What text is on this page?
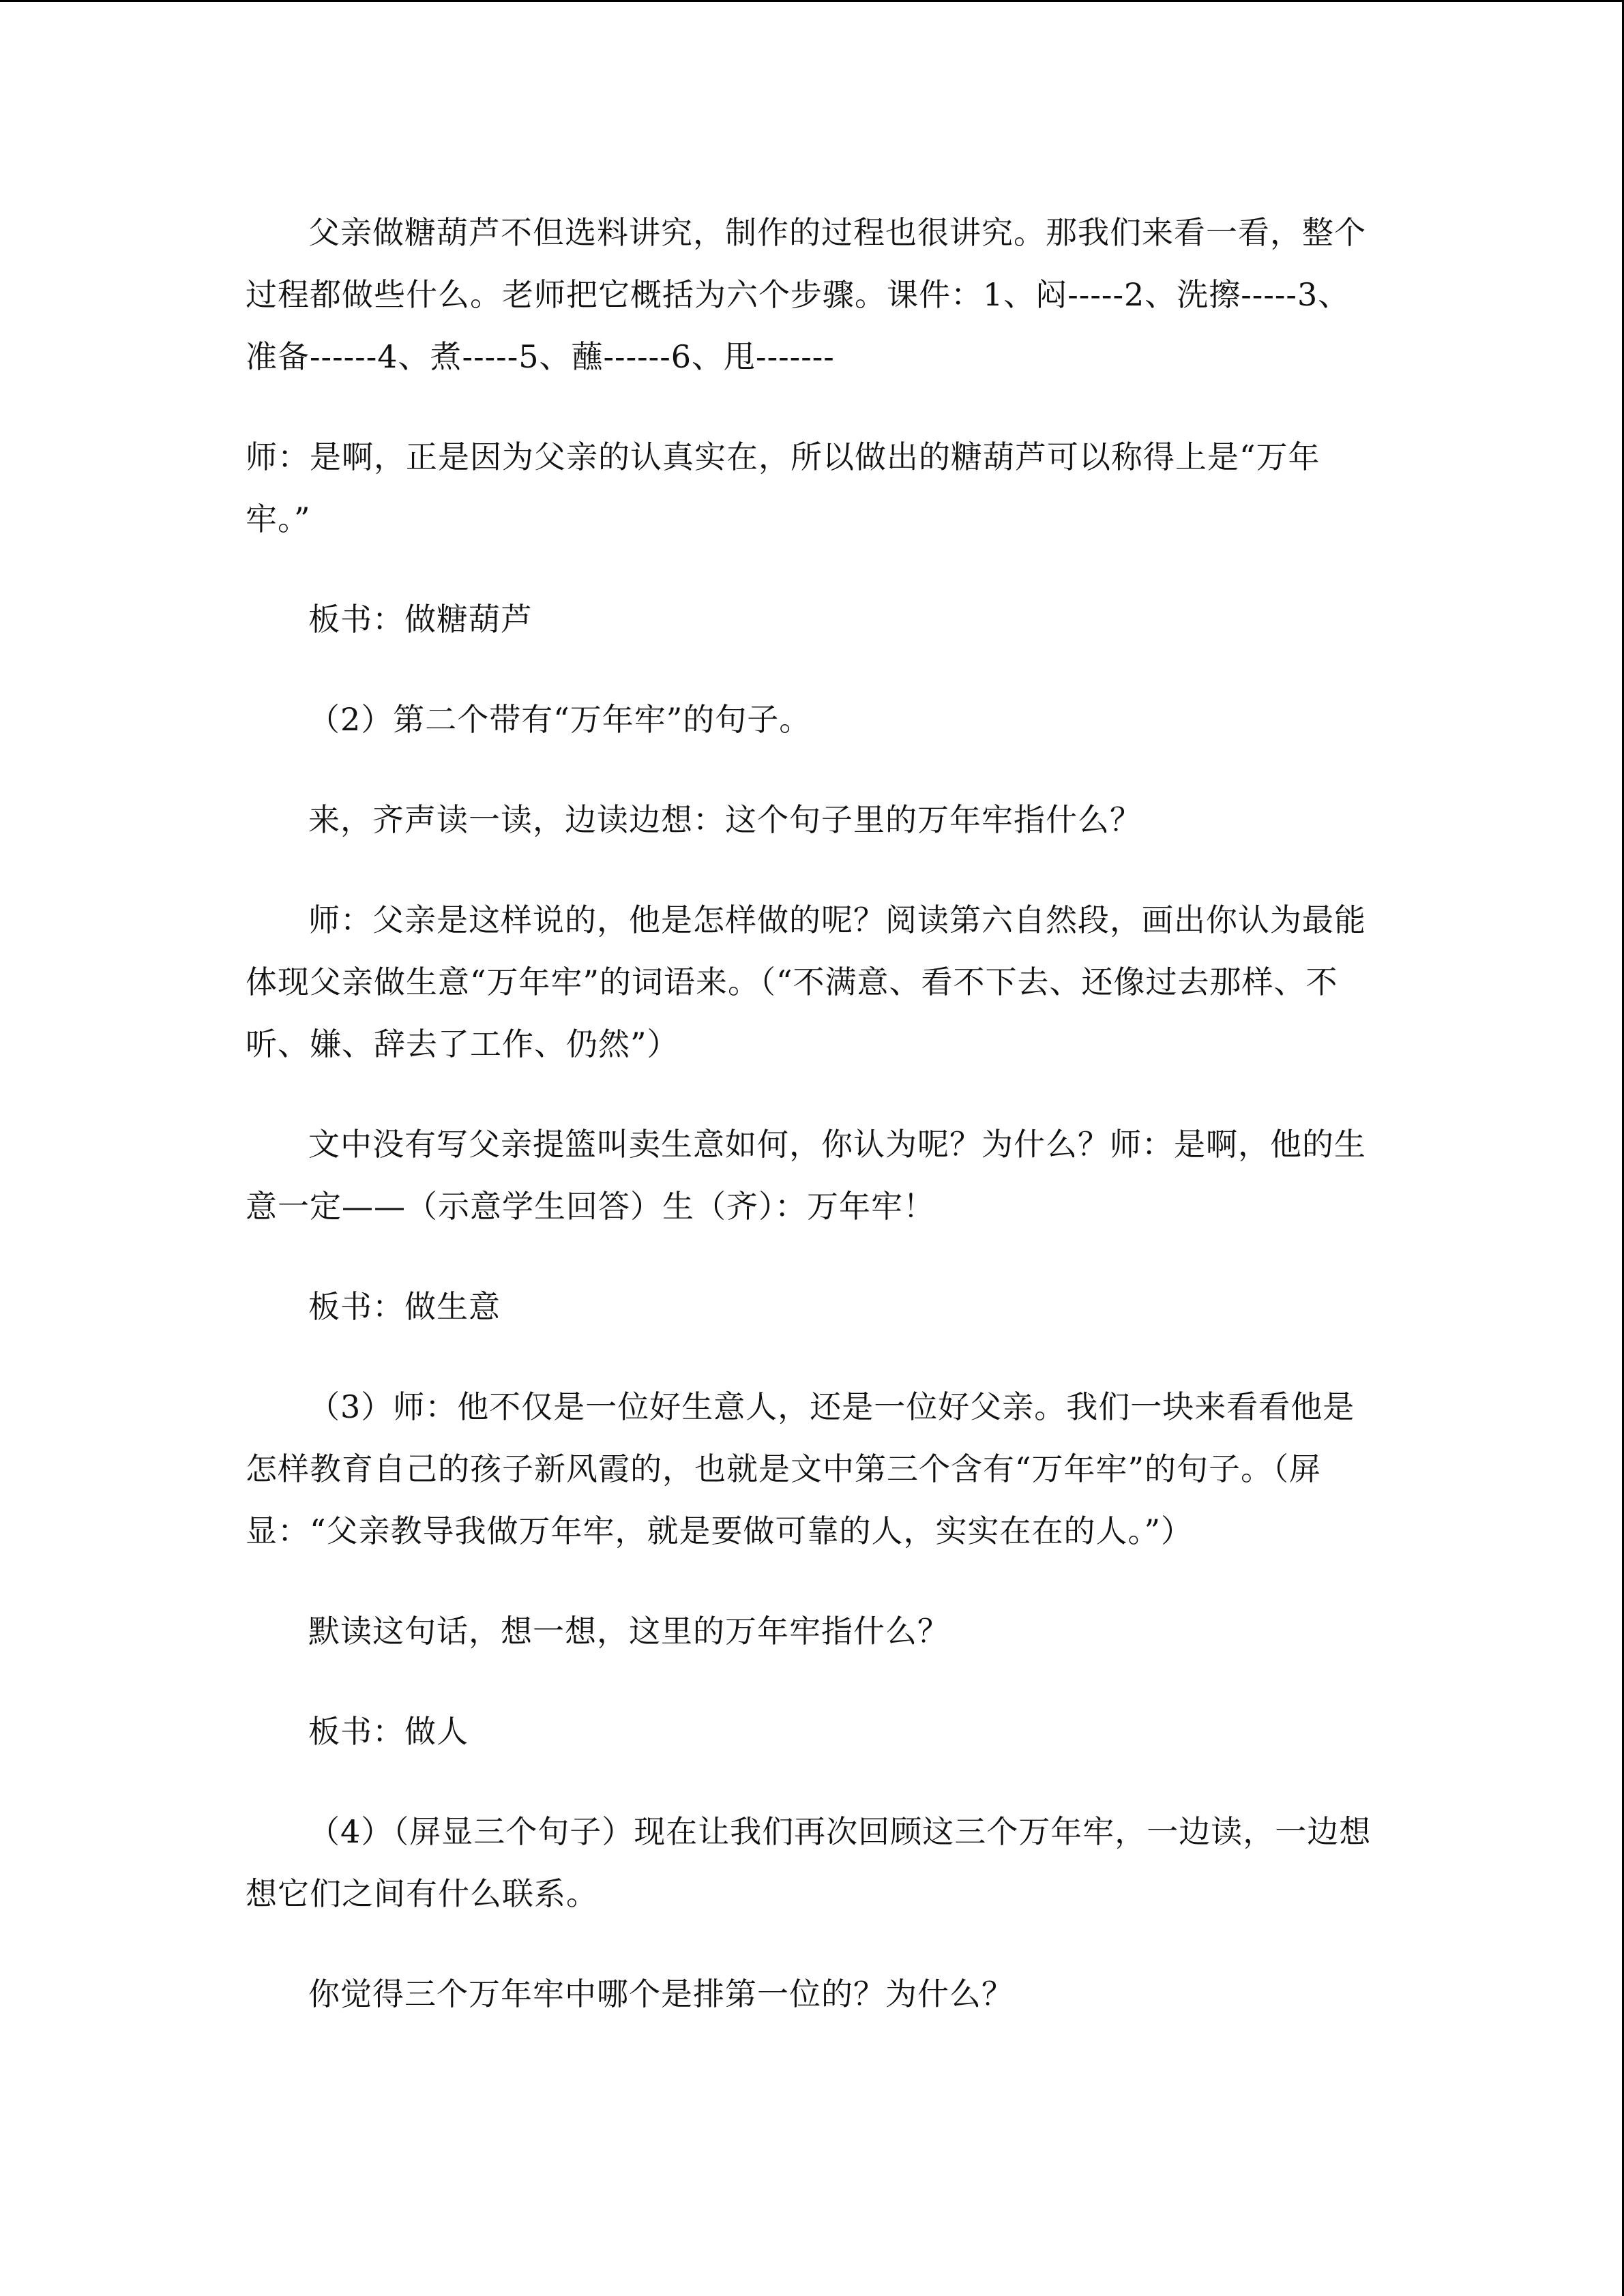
父亲做糖葫芦不但选料讲究，制作的过程也很讲究。那我们来看一看，整个过程都做些什么。老师把它概括为六个步骤。课件：1、闷-----2、洗擦-----3、准备------4、煮-----5、蘸------6、甩-------

师：是啊，正是因为父亲的认真实在，所以做出的糖葫芦可以称得上是“万年牢。”

板书：做糖葫芦

（2）第二个带有“万年牢”的句子。

来，齐声读一读，边读边想：这个句子里的万年牢指什么？

师：父亲是这样说的，他是怎样做的呢？阅读第六自然段，画出你认为最能体现父亲做生意“万年牢”的词语来。（“不满意、看不下去、还像过去那样、不听、嫌、辞去了工作、仍然”）

文中没有写父亲提篮叫卖生意如何，你认为呢？为什么？师：是啊，他的生意一定——（示意学生回答）生（齐）：万年牢！

板书：做生意

（3）师：他不仅是一位好生意人，还是一位好父亲。我们一块来看看他是怎样教育自己的孩子新风霞的，也就是文中第三个含有“万年牢”的句子。（屏显：“父亲教导我做万年牢，就是要做可靠的人，实实在在的人。”）

默读这句话，想一想，这里的万年牢指什么？

板书：做人

（4）（屏显三个句子）现在让我们再次回顾这三个万年牢，一边读，一边想想它们之间有什么联系。

你觉得三个万年牢中哪个是排第一位的？为什么？
